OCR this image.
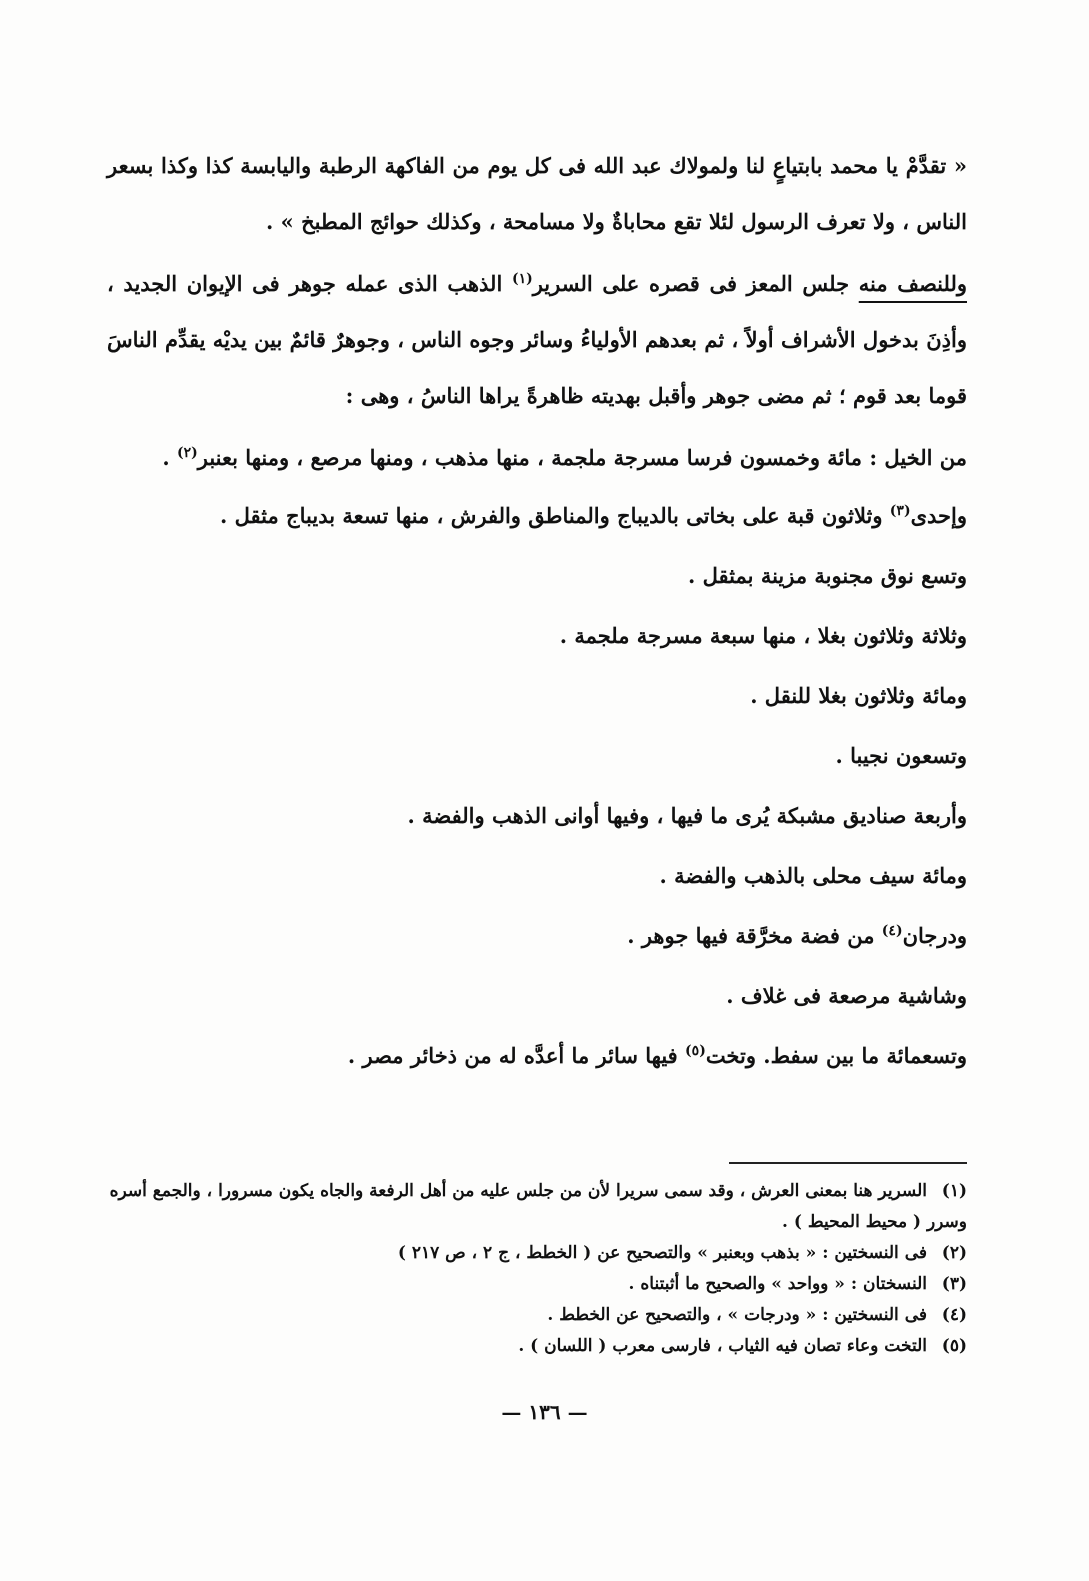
« تقدَّمْ يا محمد بابتياعٍ لنا ولمولاك عبد الله فى كل يوم من الفاكهة الرطبة واليابسة كذا وكذا بسعر الناس ، ولا تعرف الرسول لئلا تقع محاباةٌ ولا مسامحة ، وكذلك حوائج المطبخ » .

وللنصف منه جلس المعز فى قصره على السرير$^{(١)}$ الذهب الذى عمله جوهر فى الإيوان الجديد ، وأذِنَ بدخول الأشراف أولاً ، ثم بعدهم الأولياءُ وسائر وجوه الناس ، وجوهرٌ قائمٌ بين يديْه يقدِّم الناسَ قوما بعد قوم ؛ ثم مضى جوهر وأقبل بهديته ظاهرةً يراها الناسُ ، وهى :

من الخيل : مائة وخمسون فرسا مسرجة ملجمة ، منها مذهب ، ومنها مرصع ، ومنها بعنبر$^{(٢)}$ .

وإحدى$^{(٣)}$ وثلاثون قبة على بخاتى بالديباج والمناطق والفرش ، منها تسعة بديباج مثقل .

وتسع نوق مجنوبة مزينة بمثقل .

وثلاثة وثلاثون بغلا ، منها سبعة مسرجة ملجمة .

ومائة وثلاثون بغلا للنقل .

وتسعون نجيبا .

وأربعة صناديق مشبكة يُرى ما فيها ، وفيها أوانى الذهب والفضة .

ومائة سيف محلى بالذهب والفضة .

ودرجان$^{(٤)}$ من فضة مخرَّقة فيها جوهر .

وشاشية مرصعة فى غلاف .

وتسعمائة ما بين سفط. وتخت$^{(٥)}$ فيها سائر ما أعدَّه له من ذخائر مصر .

(١)السرير هنا بمعنى العرش ، وقد سمى سريرا لأن من جلس عليه من أهل الرفعة والجاه يكون مسرورا ، والجمع أسره وسرر ( محيط المحيط ) .

(٢)فى النسختين : « بذهب وبعنبر » والتصحيح عن ( الخطط ، ج ٢ ، ص ٢١٧ )

(٣)النسختان : « وواحد » والصحيح ما أثبتناه .

(٤)فى النسختين : « ودرجات » ، والتصحيح عن الخطط .

(٥)التخت وعاء تصان فيه الثياب ، فارسى معرب ( اللسان ) .

— ١٣٦ —
